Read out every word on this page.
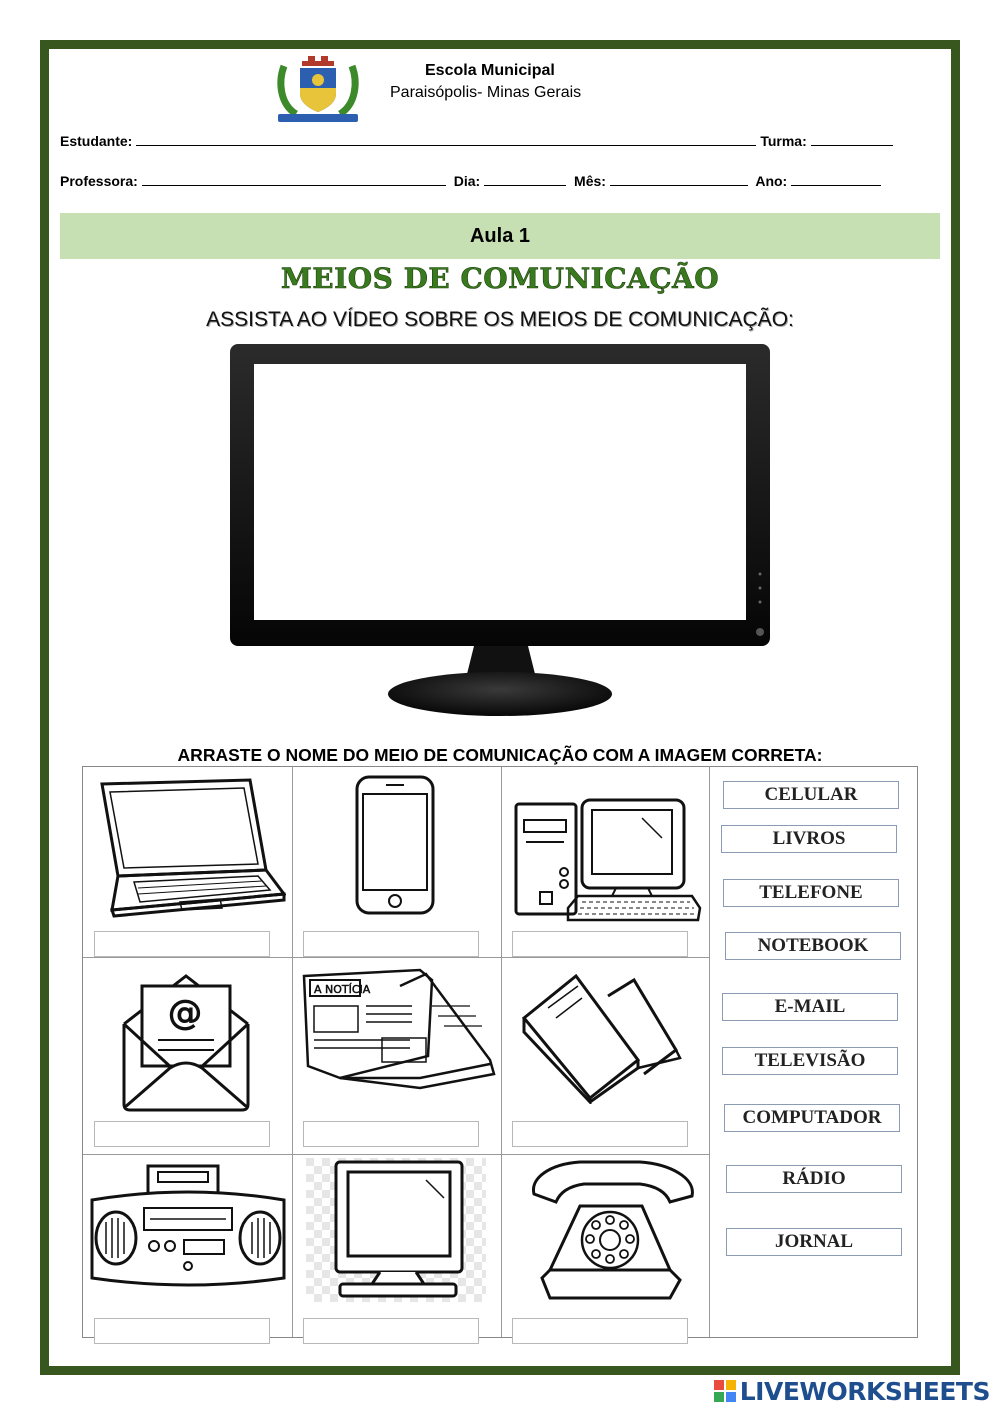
Escola Municipal
Paraisópolis- Minas Gerais
Estudante:	Turma:
Professora:	Dia:	Mês:	Ano:
Aula 1
MEIOS DE COMUNICAÇÃO
ASSISTA AO VÍDEO SOBRE OS MEIOS DE COMUNICAÇÃO:
ARRASTE O NOME DO MEIO DE COMUNICAÇÃO COM A IMAGEM CORRETA:
@
A NOTÍCIA
CELULAR
LIVROS
TELEFONE
NOTEBOOK
E-MAIL
TELEVISÃO
COMPUTADOR
RÁDIO
JORNAL
LIVEWORKSHEETS
